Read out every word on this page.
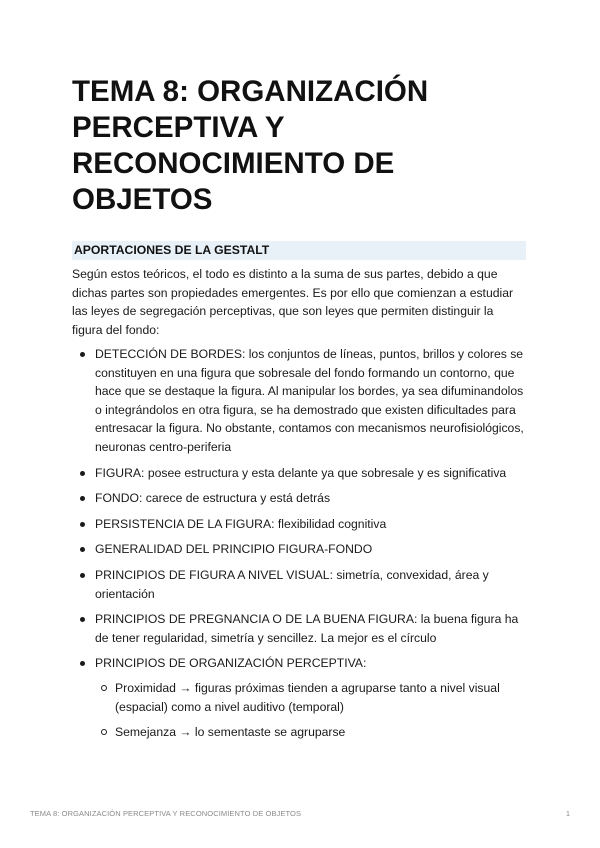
TEMA 8: ORGANIZACIÓN PERCEPTIVA Y RECONOCIMIENTO DE OBJETOS
APORTACIONES DE LA GESTALT

Según estos teóricos, el todo es distinto a la suma de sus partes, debido a que dichas partes son propiedades emergentes. Es por ello que comienzan a estudiar las leyes de segregación perceptivas, que son leyes que permiten distinguir la figura del fondo:

DETECCIÓN DE BORDES: los conjuntos de líneas, puntos, brillos y colores se constituyen en una figura que sobresale del fondo formando un contorno, que hace que se destaque la figura. Al manipular los bordes, ya sea difuminandolos o integrándolos en otra figura, se ha demostrado que existen dificultades para entresacar la figura. No obstante, contamos con mecanismos neurofisiológicos, neuronas centro-periferia
FIGURA: posee estructura y esta delante ya que sobresale y es significativa
FONDO: carece de estructura y está detrás
PERSISTENCIA DE LA FIGURA: flexibilidad cognitiva
GENERALIDAD DEL PRINCIPIO FIGURA-FONDO
PRINCIPIOS DE FIGURA A NIVEL VISUAL: simetría, convexidad, área y orientación
PRINCIPIOS DE PREGNANCIA O DE LA BUENA FIGURA: la buena figura ha de tener regularidad, simetría y sencillez. La mejor es el círculo
PRINCIPIOS DE ORGANIZACIÓN PERCEPTIVA:
Proximidad → figuras próximas tienden a agruparse tanto a nivel visual (espacial) como a nivel auditivo (temporal)
Semejanza → lo sementaste se agruparse
TEMA 8: ORGANIZACIÓN PERCEPTIVA Y RECONOCIMIENTO DE OBJETOS	1
